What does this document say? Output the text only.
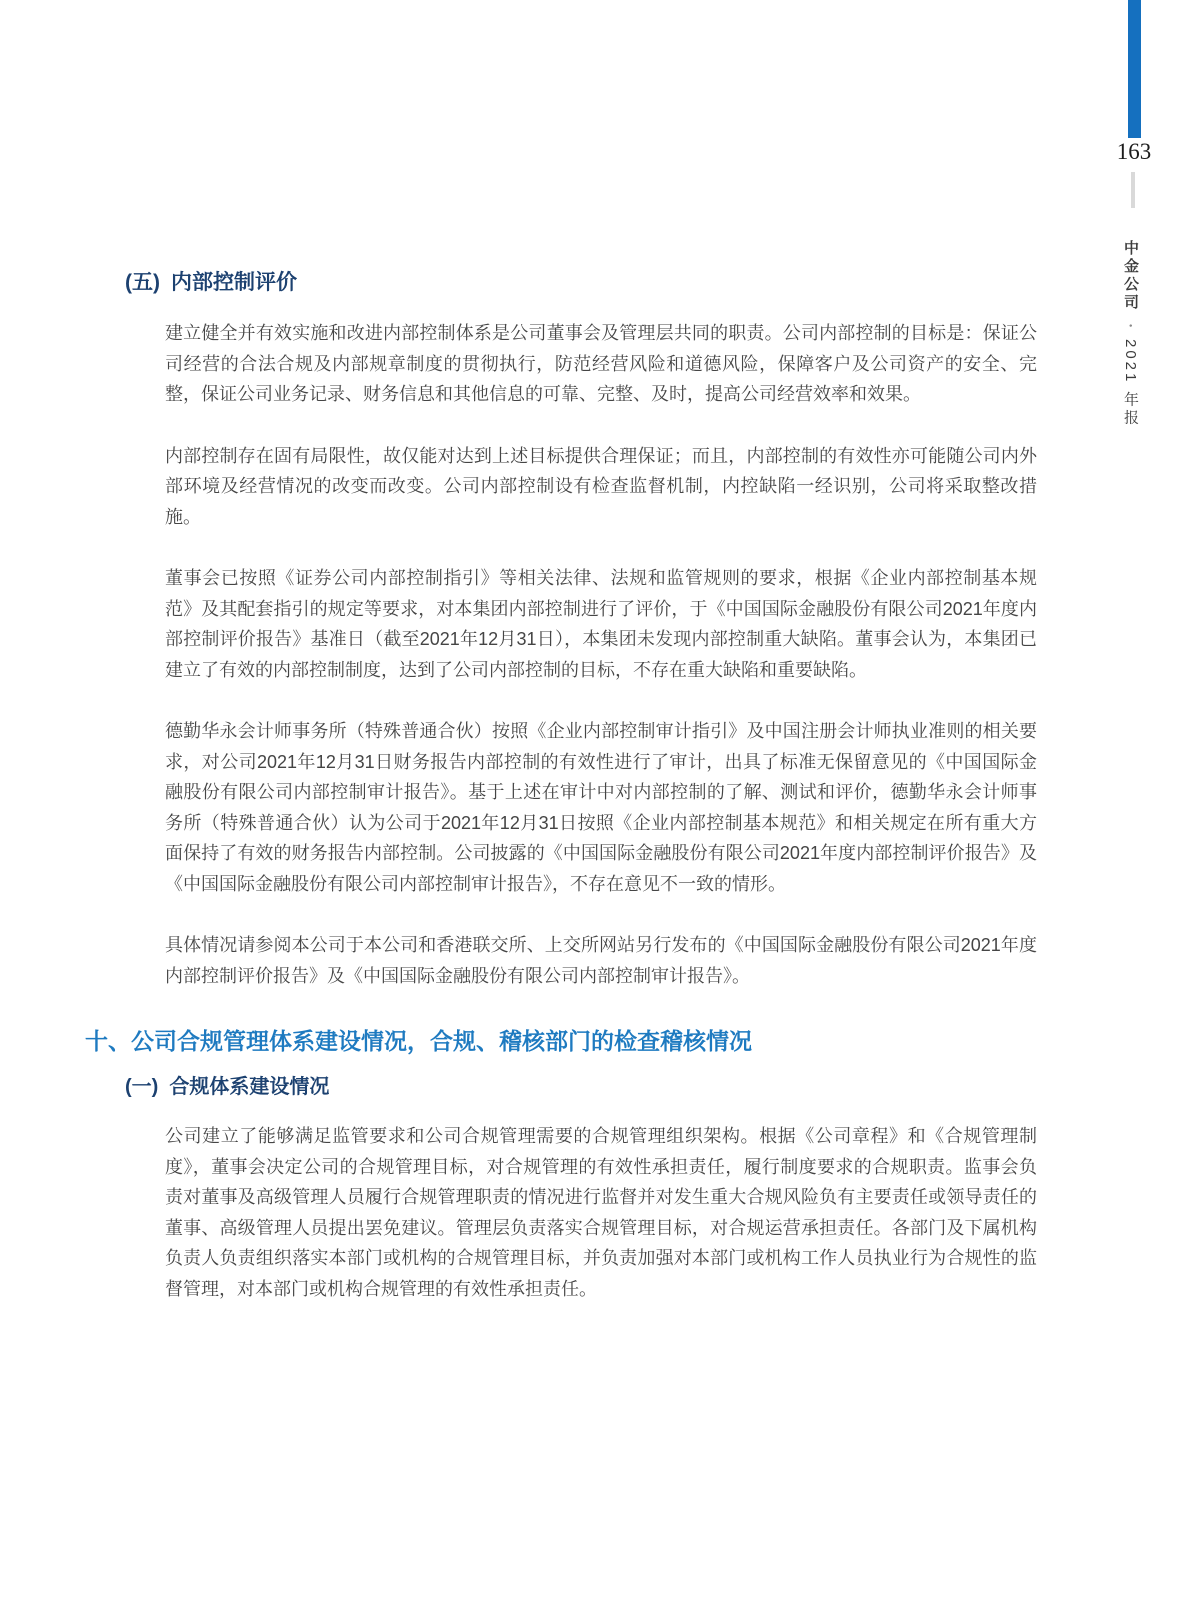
163
中金公司
•
2021 年报
(五) 内部控制评价

建立健全并有效实施和改进内部控制体系是公司董事会及管理层共同的职责。公司内部控制的目标是：保证公司经营的合法合规及内部规章制度的贯彻执行，防范经营风险和道德风险，保障客户及公司资产的安全、完整，保证公司业务记录、财务信息和其他信息的可靠、完整、及时，提高公司经营效率和效果。

内部控制存在固有局限性，故仅能对达到上述目标提供合理保证；而且，内部控制的有效性亦可能随公司内外部环境及经营情况的改变而改变。公司内部控制设有检查监督机制，内控缺陷一经识别，公司将采取整改措施。

董事会已按照《证券公司内部控制指引》等相关法律、法规和监管规则的要求，根据《企业内部控制基本规范》及其配套指引的规定等要求，对本集团内部控制进行了评价，于《中国国际金融股份有限公司2021年度内部控制评价报告》基准日（截至2021年12月31日），本集团未发现内部控制重大缺陷。董事会认为，本集团已建立了有效的内部控制制度，达到了公司内部控制的目标，不存在重大缺陷和重要缺陷。

德勤华永会计师事务所（特殊普通合伙）按照《企业内部控制审计指引》及中国注册会计师执业准则的相关要求，对公司2021年12月31日财务报告内部控制的有效性进行了审计，出具了标准无保留意见的《中国国际金融股份有限公司内部控制审计报告》。基于上述在审计中对内部控制的了解、测试和评价，德勤华永会计师事务所（特殊普通合伙）认为公司于2021年12月31日按照《企业内部控制基本规范》和相关规定在所有重大方面保持了有效的财务报告内部控制。公司披露的《中国国际金融股份有限公司2021年度内部控制评价报告》及《中国国际金融股份有限公司内部控制审计报告》，不存在意见不一致的情形。

具体情况请参阅本公司于本公司和香港联交所、上交所网站另行发布的《中国国际金融股份有限公司2021年度内部控制评价报告》及《中国国际金融股份有限公司内部控制审计报告》。

十、公司合规管理体系建设情况，合规、稽核部门的检查稽核情况
(一) 合规体系建设情况

公司建立了能够满足监管要求和公司合规管理需要的合规管理组织架构。根据《公司章程》和《合规管理制度》，董事会决定公司的合规管理目标，对合规管理的有效性承担责任，履行制度要求的合规职责。监事会负责对董事及高级管理人员履行合规管理职责的情况进行监督并对发生重大合规风险负有主要责任或领导责任的董事、高级管理人员提出罢免建议。管理层负责落实合规管理目标，对合规运营承担责任。各部门及下属机构负责人负责组织落实本部门或机构的合规管理目标，并负责加强对本部门或机构工作人员执业行为合规性的监督管理，对本部门或机构合规管理的有效性承担责任。
